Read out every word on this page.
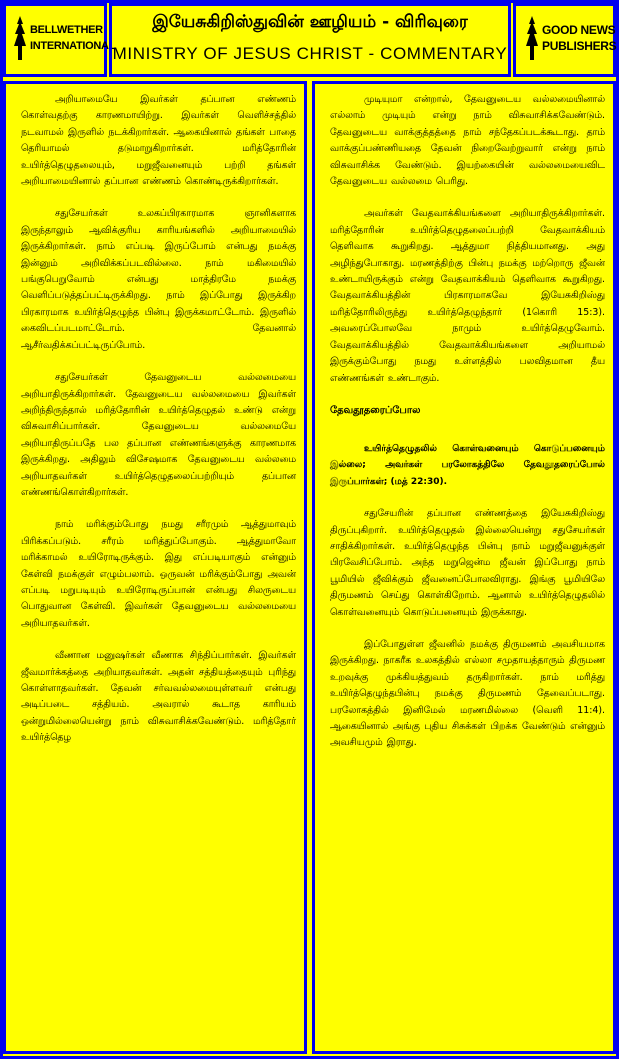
BELLWETHER
INTERNATIONAL
இயேசுகிறிஸ்துவின் ஊழியம் - விரிவுரை
MINISTRY OF JESUS CHRIST - COMMENTARY
GOOD NEWS
PUBLISHERS

அறியாமையே இவர்கள் தப்பான எண்ணம் கொள்வதற்கு காரணமாயிற்று. இவர்கள் வெளிச்சத்தில் நடவாமல் இருளில் நடக்கிறார்கள். ஆகையினால் தங்கள் பாதை தெரியாமல் தடுமாறுகிறார்கள். மரித்தோரின் உயிர்த்தெழுதலையும், மறுஜீவனையும் பற்றி தங்கள் அறியாமையினால் தப்பான எண்ணம் கொண்டிருக்கிறார்கள்.

சதுசேயர்கள் உலகப்பிரகாரமாக ஞானிகளாக இருந்தாலும் ஆவிக்குரிய காரியங்களில் அறியாமையில் இருக்கிறார்கள். நாம் எப்படி இருப்போம் என்பது நமக்கு இன்னும் அறிவிக்கப்படவில்லை. நாம் மகிமையில் பங்குபெறுவோம் என்பது மாத்திரமே நமக்கு வெளிப்படுத்தப்பட்டிருக்கிறது. நாம் இப்போது இருக்கிற பிரகாரமாக உயிர்த்தெழுந்த பின்பு இருக்கமாட்டோம். இருளில் கைவிடப்படமாட்டோம். தேவனால் ஆசீர்வதிக்கப்பட்டிருப்போம்.

சதுசேயர்கள் தேவனுடைய வல்லமையை அறியாதிருக்கிறார்கள். தேவனுடைய வல்லமையை இவர்கள் அறிந்திருந்தால் மரித்தோரின் உயிர்த்தெழுதல் உண்டு என்று விசுவாசிப்பார்கள். தேவனுடைய வல்லமையே அறியாதிருப்பதே பல தப்பான எண்ணங்களுக்கு காரணமாக இருக்கிறது. அதிலும் விசேஷமாக தேவனுடைய வல்லமை அறியாதவர்கள் உயிர்த்தெழுதலைப்பற்றியும் தப்பான எண்ணங்கொள்கிறார்கள்.

நாம் மரிக்கும்போது நமது சரீரமும் ஆத்துமாவும் பிரிக்கப்படும். சரீரம் மரித்துப்போகும். ஆத்துமாவோ மரிக்காமல் உயிரோடிருக்கும். இது எப்படியாகும் என்னும் கேள்வி நமக்குள் எழும்பலாம். ஒருவன் மரிக்கும்போது அவன் எப்படி மறுபடியும் உயிரோடிருப்பான் என்பது சிலருடைய பொதுவான கேள்வி. இவர்கள் தேவனுடைய வல்லமையை அறியாதவர்கள்.

வீணான மனுஷர்கள் வீணாக சிந்திப்பார்கள். இவர்கள் ஜீவமார்க்கத்தை அறியாதவர்கள். அதன் சத்தியத்தையும் புரிந்து கொள்ளாதவர்கள். தேவன் சர்வவல்லமையுள்ளவர் என்பது அடிப்படை சத்தியம். அவரால் கூடாத காரியம் ஒன்றுமில்லையென்று நாம் விசுவாசிக்கவேண்டும். மரித்தோர் உயிர்த்தெழ

முடியுமா என்றால், தேவனுடைய வல்லமையினால் எல்லாம் முடியும் என்று நாம் விசுவாசிக்கவேண்டும். தேவனுடைய வாக்குத்தத்தை நாம் சந்தேகப்படக்கூடாது. தாம் வாக்குப்பண்ணியதை தேவன் நிறைவேற்றுவார் என்று நாம் விசுவாசிக்க வேண்டும். இயற்கையின் வல்லமையைவிட தேவனுடைய வல்லமை பெரிது.

அவர்கள் வேதவாக்கியங்களை அறியாதிருக்கிறார்கள். மரித்தோரின் உயிர்த்தெழுதலைப்பற்றி வேதவாக்கியம் தெளிவாக கூறுகிறது. ஆத்துமா நித்தியமானது. அது அழிந்துபோகாது. மரணத்திற்கு பின்பு நமக்கு மற்றொரு ஜீவன் உண்டாயிருக்கும் என்று வேதவாக்கியம் தெளிவாக கூறுகிறது. வேதவாக்கியத்தின் பிரகாரமாகவே இயேசுகிறிஸ்து மரித்தோரிலிருந்து உயிர்த்தெழுந்தார் (1கொரி 15:3). அவரைப்போலவே நாமும் உயிர்த்தெழுவோம். வேதவாக்கியத்தில் வேதவாக்கியங்களை அறியாமல் இருக்கும்போது நமது உள்ளத்தில் பலவிதமான தீய எண்ணங்கள் உண்டாகும்.

தேவதூதரைப்போல

உயிர்த்தெழுதலில் கொள்வனையும் கொடுப்பனையும் இல்லை; அவர்கள் பரலோகத்திலே தேவதூதரைப்போல் இருப்பார்கள்; (மத் 22:30).

சதுசேயரின் தப்பான எண்ணத்தை இயேசுகிறிஸ்து திருப்புகிறார். உயிர்த்தெழுதல் இல்லையென்று சதுசேயர்கள் சாதிக்கிறார்கள். உயிர்த்தெழுந்த பின்பு நாம் மறுஜீவனுக்குள் பிரவேசிப்போம். அந்த மறுஜென்ம ஜீவன் இப்போது நாம் பூமியில் ஜீவிக்கும் ஜீவனைப்போலவிராது. இங்கு பூமியிலே திருமணம் செய்து கொள்கிறோம். ஆனால் உயிர்த்தெழுதலில் கொள்வனையும் கொடுப்பனையும் இருக்காது.

இப்போதுள்ள ஜீவனில் நமக்கு திருமணம் அவசியமாக இருக்கிறது. நாகரீக உலகத்தில் எல்லா சமுதாயத்தாரும் திருமண உறவுக்கு முக்கியத்துவம் தருகிறார்கள். நாம் மரித்து உயிர்த்தெழுந்தபின்பு நமக்கு திருமணம் தேவைப்படாது. பரலோகத்தில் இனிமேல் மரணமில்லை (வெளி 11:4). ஆகையினால் அங்கு புதிய சிசுக்கள் பிறக்க வேண்டும் என்னும் அவசியமும் இராது.
